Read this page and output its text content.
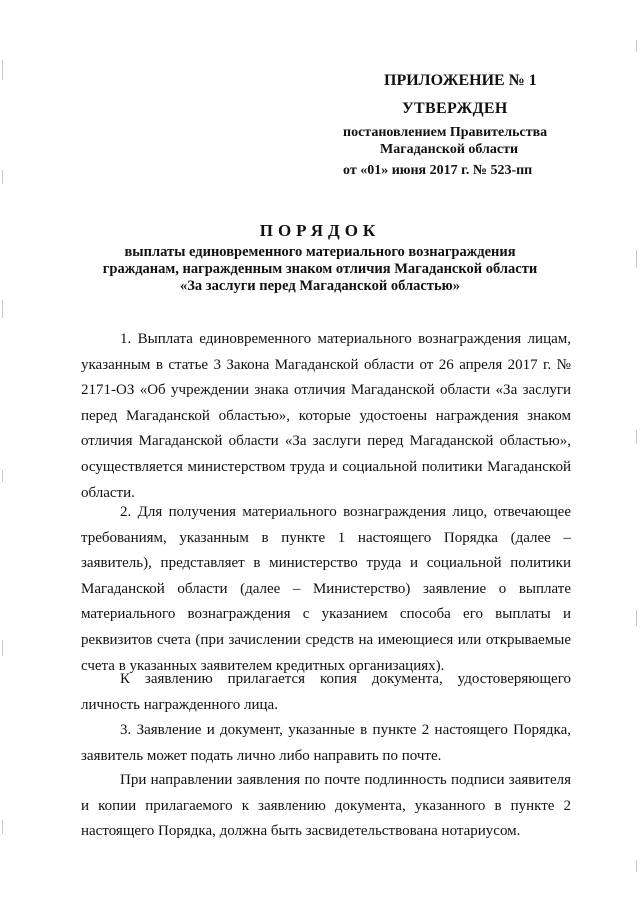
ПРИЛОЖЕНИЕ № 1
УТВЕРЖДЕН
постановлением Правительства
Магаданской области
от «01» июня 2017 г. № 523-пп
ПОРЯДОК
выплаты единовременного материального вознаграждения
гражданам, награжденным знаком отличия Магаданской области
«За заслуги перед Магаданской областью»

1. Выплата единовременного материального вознаграждения лицам, указанным в статье 3 Закона Магаданской области от 26 апреля 2017 г. № 2171-ОЗ «Об учреждении знака отличия Магаданской области «За заслуги перед Магаданской областью», которые удостоены награждения знаком отличия Магаданской области «За заслуги перед Магаданской областью», осуществляется министерством труда и социальной политики Магаданской области.

2. Для получения материального вознаграждения лицо, отвечающее требованиям, указанным в пункте 1 настоящего Порядка (далее – заявитель), представляет в министерство труда и социальной политики Магаданской области (далее – Министерство) заявление о выплате материального вознаграждения с указанием способа его выплаты и реквизитов счета (при зачислении средств на имеющиеся или открываемые счета в указанных заявителем кредитных организациях).

К заявлению прилагается копия документа, удостоверяющего личность награжденного лица.

3. Заявление и документ, указанные в пункте 2 настоящего Порядка, заявитель может подать лично либо направить по почте.

При направлении заявления по почте подлинность подписи заявителя и копии прилагаемого к заявлению документа, указанного в пункте 2 настоящего Порядка, должна быть засвидетельствована нотариусом.
